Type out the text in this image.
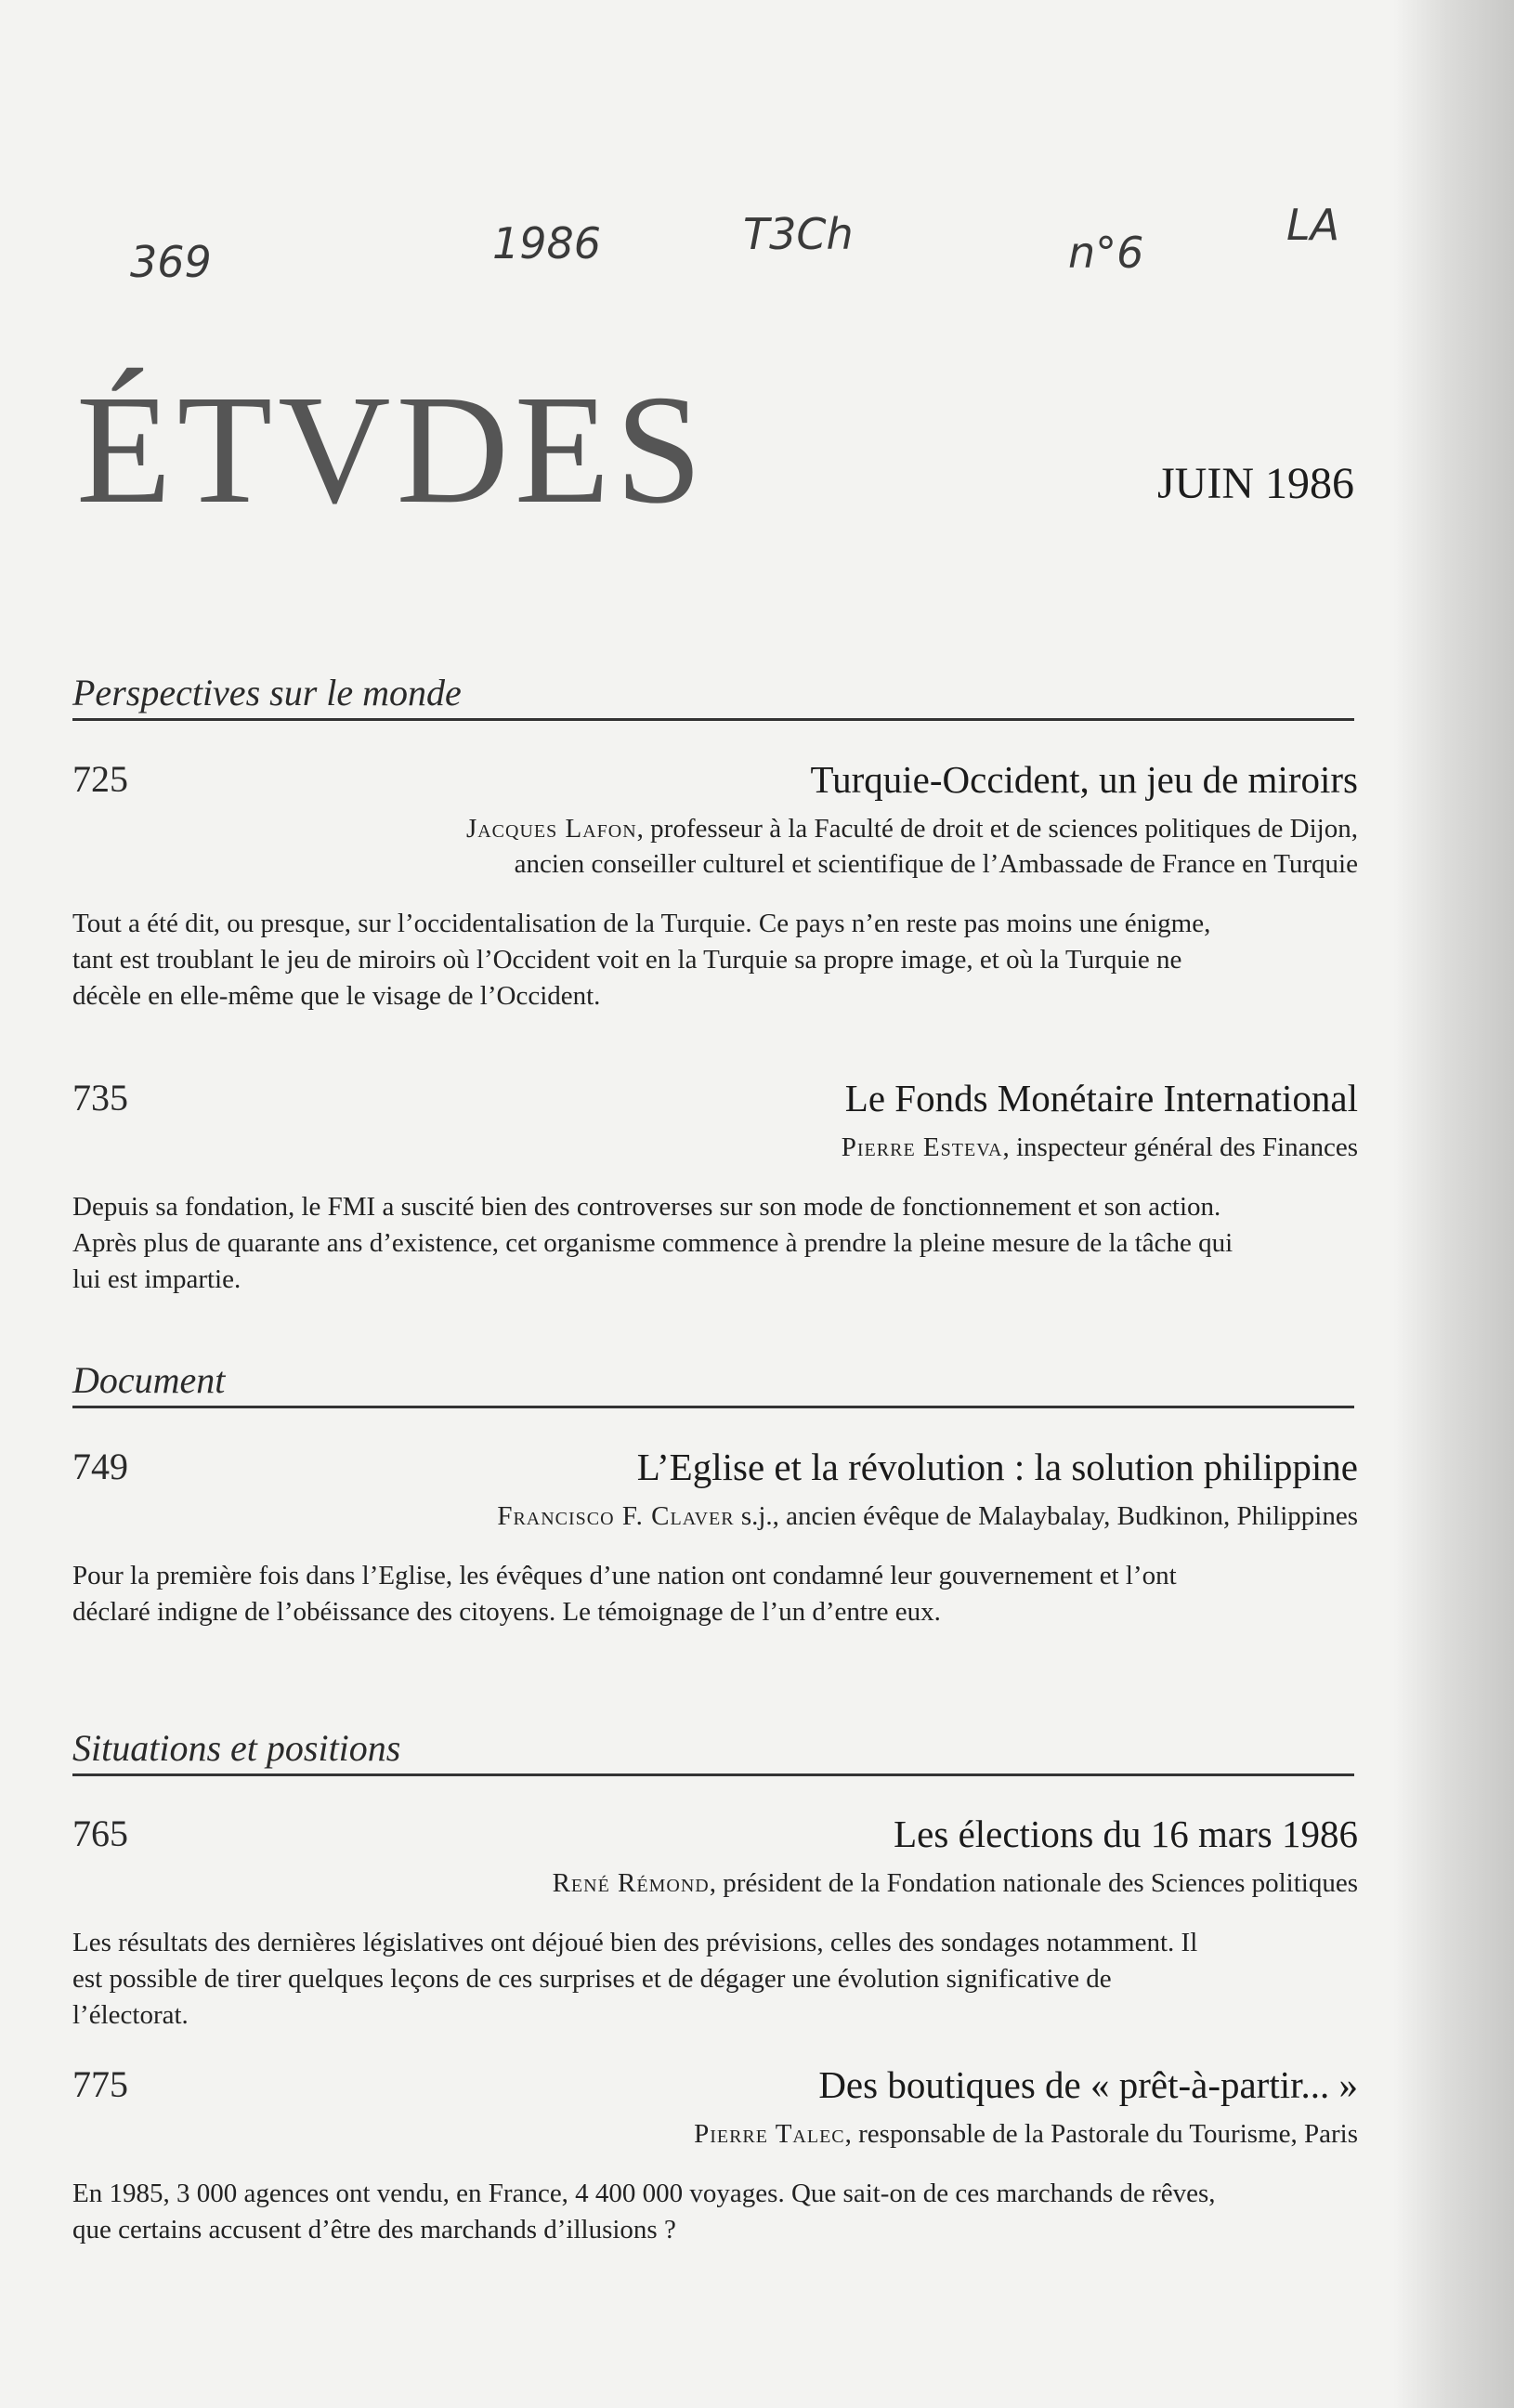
369	1986	T3Ch	n°6
LA
ÉTVDES	JUIN 1986
Perspectives sur le monde
725	Turquie-Occident, un jeu de miroirs
Jacques Lafon, professeur à la Faculté de droit et de sciences politiques de Dijon,
ancien conseiller culturel et scientifique de l’Ambassade de France en Turquie
Tout a été dit, ou presque, sur l’occidentalisation de la Turquie. Ce pays n’en reste pas moins une énigme, tant est troublant le jeu de miroirs où l’Occident voit en la Turquie sa propre image, et où la Turquie ne décèle en elle-même que le visage de l’Occident.
735	Le Fonds Monétaire International
Pierre Esteva, inspecteur général des Finances
Depuis sa fondation, le FMI a suscité bien des controverses sur son mode de fonctionnement et son action. Après plus de quarante ans d’existence, cet organisme commence à prendre la pleine mesure de la tâche qui lui est impartie.
Document
749	L’Eglise et la révolution : la solution philippine
Francisco F. Claver s.j., ancien évêque de Malaybalay, Budkinon, Philippines
Pour la première fois dans l’Eglise, les évêques d’une nation ont condamné leur gouvernement et l’ont déclaré indigne de l’obéissance des citoyens. Le témoignage de l’un d’entre eux.
Situations et positions
765	Les élections du 16 mars 1986
René Rémond, président de la Fondation nationale des Sciences politiques
Les résultats des dernières législatives ont déjoué bien des prévisions, celles des sondages notamment. Il est possible de tirer quelques leçons de ces surprises et de dégager une évolution significative de l’électorat.
775	Des boutiques de « prêt-à-partir... »
Pierre Talec, responsable de la Pastorale du Tourisme, Paris
En 1985, 3 000 agences ont vendu, en France, 4 400 000 voyages. Que sait-on de ces marchands de rêves, que certains accusent d’être des marchands d’illusions ?
